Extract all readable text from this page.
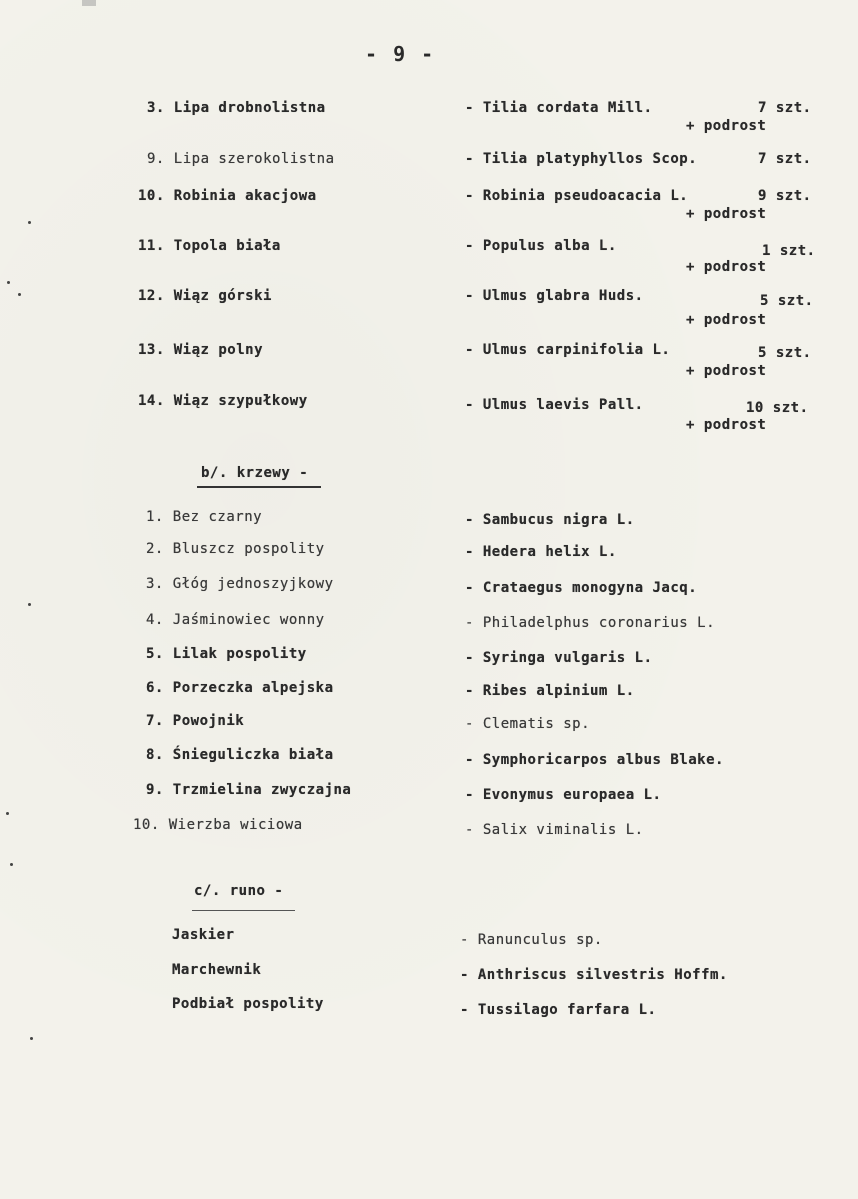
- 9 -
3. Lipa drobnolistna	- Tilia cordata Mill.	7 szt.
+ podrost
9. Lipa szerokolistna	- Tilia platyphyllos Scop.	7 szt.
10. Robinia akacjowa	- Robinia pseudoacacia L.	9 szt.
+ podrost
11. Topola biała	- Populus alba L.	1 szt.
+ podrost
12. Wiąz górski	- Ulmus glabra Huds.	5 szt.
+ podrost
13. Wiąz polny	- Ulmus carpinifolia L.	5 szt.
+ podrost
14. Wiąz szypułkowy	- Ulmus laevis Pall.	10 szt.
+ podrost
b/. krzewy -
1. Bez czarny	- Sambucus nigra L.
2. Bluszcz pospolity	- Hedera helix L.
3. Głóg jednoszyjkowy	- Crataegus monogyna Jacq.
4. Jaśminowiec wonny	- Philadelphus coronarius L.
5. Lilak pospolity	- Syringa vulgaris L.
6. Porzeczka alpejska	- Ribes alpinium L.
7. Powojnik	- Clematis sp.
8. Śnieguliczka biała	- Symphoricarpos albus Blake.
9. Trzmielina zwyczajna	- Evonymus europaea L.
10. Wierzba wiciowa	- Salix viminalis L.
c/. runo -
Jaskier	- Ranunculus sp.
Marchewnik	- Anthriscus silvestris Hoffm.
Podbiał pospolity	- Tussilago farfara L.
